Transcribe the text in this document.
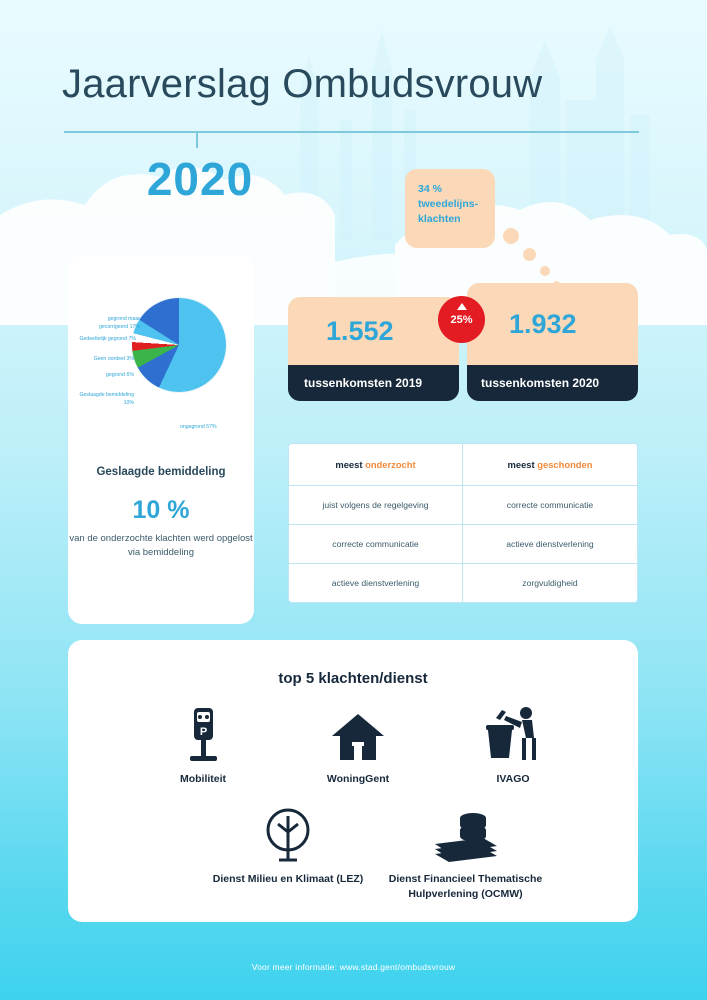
Jaarverslag Ombudsvrouw
2020
gegrond maar gecorrigeerd 17%
Gedeeltelijk gegrond 7%
Geen oordeel 3%
gegrond 6%
Geslaagde bemiddeling 10%
ongegrond 57%
Geslaagde bemiddeling
10 %
van de onderzochte klachten werd opgelost via bemiddeling
34 % tweedelijns- klachten
1.552
tussenkomsten 2019
1.932
tussenkomsten 2020
25%
meest onderzocht	meest geschonden
juist volgens de regelgeving	correcte communicatie
correcte communicatie	actieve dienstverlening
actieve dienstverlening	zorgvuldigheid
top 5 klachten/dienst
P
Mobiliteit	WoningGent	IVAGO
Dienst Milieu en Klimaat (LEZ)	Dienst Financieel Thematische Hulpverlening (OCMW)
Voor meer informatie: www.stad.gent/ombudsvrouw
